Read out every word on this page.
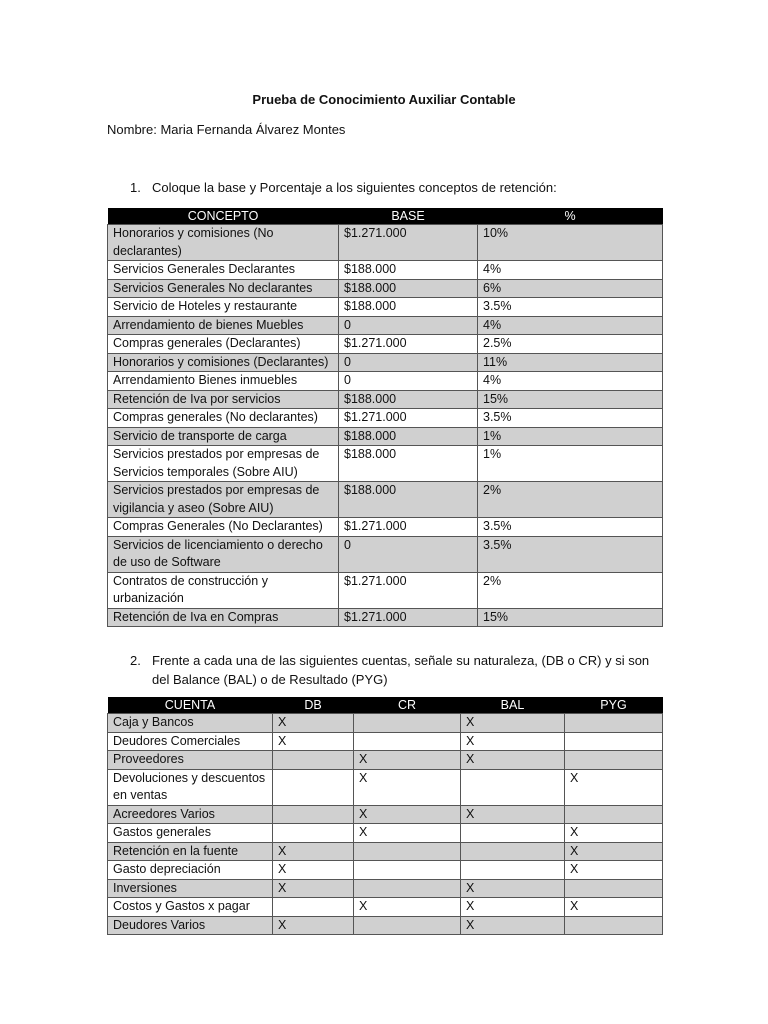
Prueba de Conocimiento Auxiliar Contable
Nombre: Maria Fernanda Álvarez Montes
1. Coloque la base y Porcentaje a los siguientes conceptos de retención:
CONCEPTO	BASE	%
Honorarios y comisiones (No declarantes)	$1.271.000	10%
Servicios Generales Declarantes	$188.000	4%
Servicios Generales No declarantes	$188.000	6%
Servicio de Hoteles y restaurante	$188.000	3.5%
Arrendamiento de bienes Muebles	0	4%
Compras generales (Declarantes)	$1.271.000	2.5%
Honorarios y comisiones (Declarantes)	0	11%
Arrendamiento Bienes inmuebles	0	4%
Retención de Iva por servicios	$188.000	15%
Compras generales (No declarantes)	$1.271.000	3.5%
Servicio de transporte de carga	$188.000	1%
Servicios prestados por empresas de Servicios temporales (Sobre AIU)	$188.000	1%
Servicios prestados por empresas de vigilancia y aseo (Sobre AIU)	$188.000	2%
Compras Generales (No Declarantes)	$1.271.000	3.5%
Servicios de licenciamiento o derecho de uso de Software	0	3.5%
Contratos de construcción y urbanización	$1.271.000	2%
Retención de Iva en Compras	$1.271.000	15%
2. Frente a cada una de las siguientes cuentas, señale su naturaleza, (DB o CR) y si son del Balance (BAL) o de Resultado (PYG)
CUENTA	DB	CR	BAL	PYG
Caja y Bancos	X		X	
Deudores Comerciales	X		X	
Proveedores		X	X	
Devoluciones y descuentos en ventas		X		X
Acreedores Varios		X	X	
Gastos generales		X		X
Retención en la fuente	X			X
Gasto depreciación	X			X
Inversiones	X		X	
Costos y Gastos x pagar		X	X	X
Deudores Varios	X		X	
